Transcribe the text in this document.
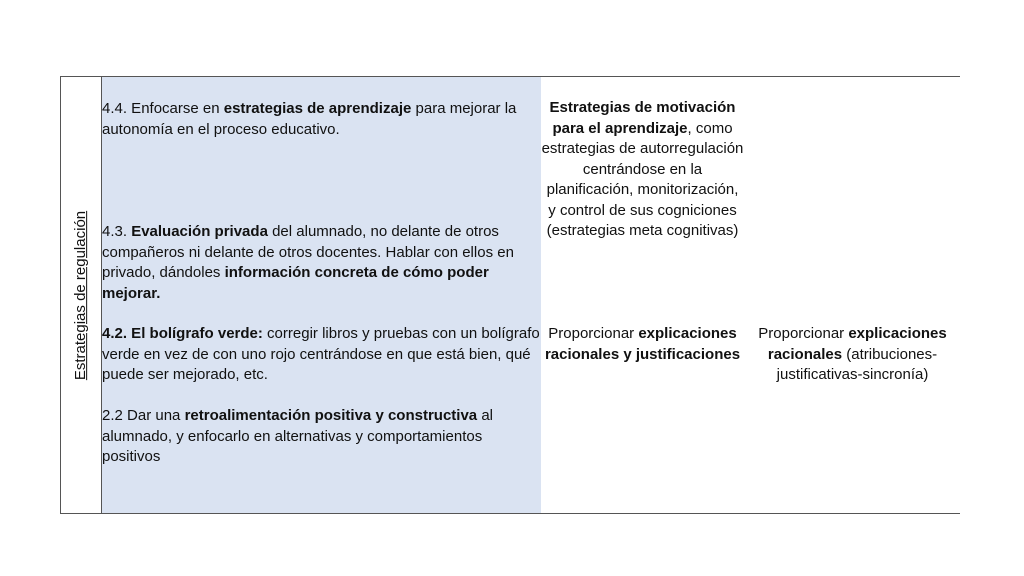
Estrategias de regulación

4.4. Enfocarse en estrategias de aprendizaje para mejorar la autonomía en el proceso educativo.

4.3. Evaluación privada del alumnado, no delante de otros compañeros ni delante de otros docentes. Hablar con ellos en privado, dándoles información concreta de cómo poder mejorar.

4.2. El bolígrafo verde: corregir libros y pruebas con un bolígrafo verde en vez de con uno rojo centrándose en que está bien, qué puede ser mejorado, etc.

2.2 Dar una retroalimentación positiva y constructiva al alumnado, y enfocarlo en alternativas y comportamientos positivos

Estrategias de motivación para el aprendizaje, como estrategias de autorregulación centrándose en la planificación, monitorización, y control de sus cogniciones (estrategias meta cognitivas)

Proporcionar explicaciones racionales y justificaciones

Proporcionar explicaciones racionales (atribuciones-justificativas-sincronía)
